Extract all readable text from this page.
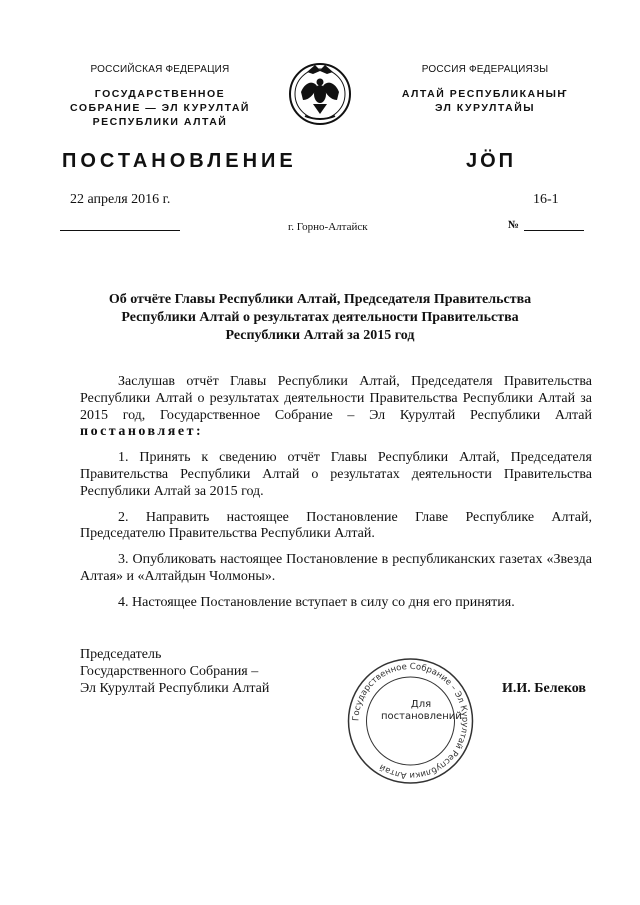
РОССИЙСКАЯ ФЕДЕРАЦИЯ
ГОСУДАРСТВЕННОЕ
СОБРАНИЕ — ЭЛ КУРУЛТАЙ
РЕСПУБЛИКИ АЛТАЙ
РОССИЯ ФЕДЕРАЦИЯЗЫ
АЛТАЙ РЕСПУБЛИКАНЫҤ
ЭЛ КУРУЛТАЙЫ
ПОСТАНОВЛЕНИЕ	JӦП
22 апреля 2016 г.
г. Горно-Алтайск
16-1
№
Об отчёте Главы Республики Алтай, Председателя Правительства
Республики Алтай о результатах деятельности Правительства
Республики Алтай за 2015 год

Заслушав отчёт Главы Республики Алтай, Председателя Правительства Республики Алтай о результатах деятельности Правительства Республики Алтай за 2015 год, Государственное Собрание – Эл Курултай Республики Алтай постановляет:

1. Принять к сведению отчёт Главы Республики Алтай, Председателя Правительства Республики Алтай о результатах деятельности Правительства Республики Алтай за 2015 год.

2. Направить настоящее Постановление Главе Республике Алтай, Председателю Правительства Республики Алтай.

3. Опубликовать настоящее Постановление в республиканских газетах «Звезда Алтая» и «Алтайдын Чолмоны».

4. Настоящее Постановление вступает в силу со дня его принятия.

Председатель
Государственного Собрания –
Эл Курултай Республики Алтай
Государственное Собрание – Эл Курултай Республики Алтай
Для
постановлений
И.И. Белеков
